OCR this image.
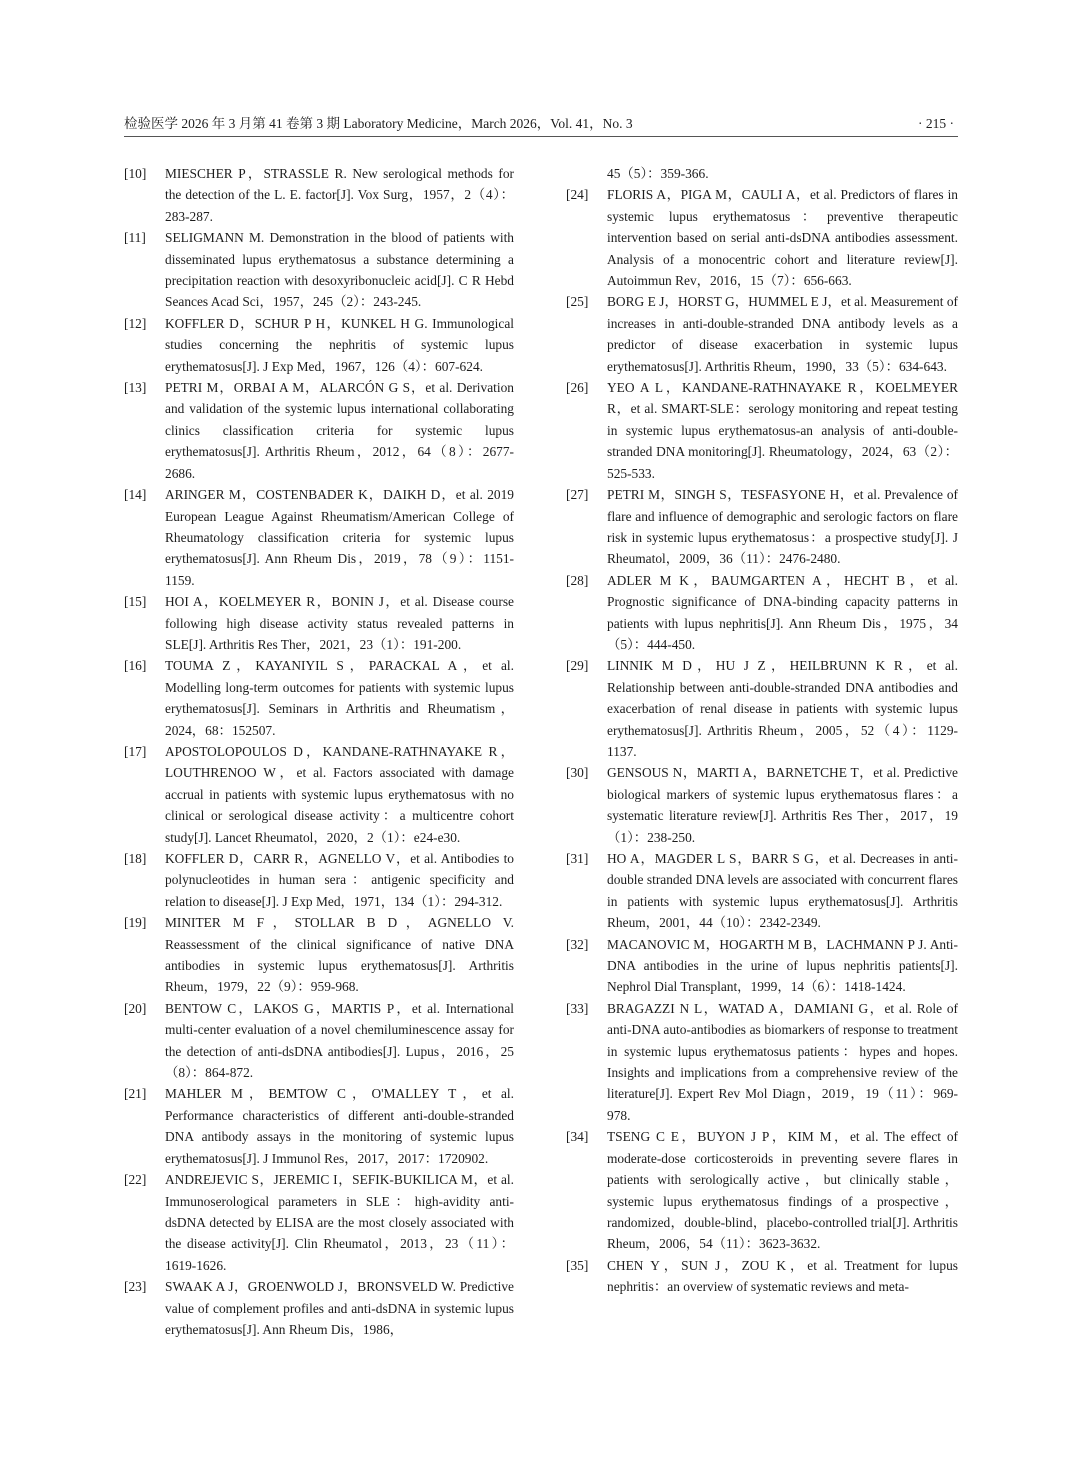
检验医学 2026 年 3 月第 41 卷第 3 期 Laboratory Medicine，March 2026，Vol. 41，No. 3	· 215 ·
[10] MIESCHER P，STRASSLE R. New serological methods for the detection of the L. E. factor[J]. Vox Surg，1957，2（4）：283-287.
[11] SELIGMANN M. Demonstration in the blood of patients with disseminated lupus erythematosus a substance determining a precipitation reaction with desoxyribonucleic acid[J]. C R Hebd Seances Acad Sci，1957，245（2）：243-245.
[12] KOFFLER D，SCHUR P H，KUNKEL H G. Immunological studies concerning the nephritis of systemic lupus erythematosus[J]. J Exp Med，1967，126（4）：607-624.
[13] PETRI M，ORBAI A M，ALARCÓN G S，et al. Derivation and validation of the systemic lupus international collaborating clinics classification criteria for systemic lupus erythematosus[J]. Arthritis Rheum，2012，64（8）：2677-2686.
[14] ARINGER M，COSTENBADER K，DAIKH D，et al. 2019 European League Against Rheumatism/American College of Rheumatology classification criteria for systemic lupus erythematosus[J]. Ann Rheum Dis，2019，78（9）：1151-1159.
[15] HOI A，KOELMEYER R，BONIN J，et al. Disease course following high disease activity status revealed patterns in SLE[J]. Arthritis Res Ther，2021，23（1）：191-200.
[16] TOUMA Z，KAYANIYIL S，PARACKAL A，et al. Modelling long-term outcomes for patients with systemic lupus erythematosus[J]. Seminars in Arthritis and Rheumatism，2024，68：152507.
[17] APOSTOLOPOULOS D，KANDANE-RATHNAYAKE R，LOUTHRENOO W，et al. Factors associated with damage accrual in patients with systemic lupus erythematosus with no clinical or serological disease activity：a multicentre cohort study[J]. Lancet Rheumatol，2020，2（1）：e24-e30.
[18] KOFFLER D，CARR R，AGNELLO V，et al. Antibodies to polynucleotides in human sera：antigenic specificity and relation to disease[J]. J Exp Med，1971，134（1）：294-312.
[19] MINITER M F，STOLLAR B D，AGNELLO V. Reassessment of the clinical significance of native DNA antibodies in systemic lupus erythematosus[J]. Arthritis Rheum，1979，22（9）：959-968.
[20] BENTOW C，LAKOS G，MARTIS P，et al. International multi-center evaluation of a novel chemiluminescence assay for the detection of anti-dsDNA antibodies[J]. Lupus，2016，25（8）：864-872.
[21] MAHLER M，BEMTOW C，O'MALLEY T，et al. Performance characteristics of different anti-double-stranded DNA antibody assays in the monitoring of systemic lupus erythematosus[J]. J Immunol Res，2017，2017：1720902.
[22] ANDREJEVIC S，JEREMIC I，SEFIK-BUKILICA M，et al. Immunoserological parameters in SLE：high-avidity anti-dsDNA detected by ELISA are the most closely associated with the disease activity[J]. Clin Rheumatol，2013，23（11）：1619-1626.
[23] SWAAK A J，GROENWOLD J，BRONSVELD W. Predictive value of complement profiles and anti-dsDNA in systemic lupus erythematosus[J]. Ann Rheum Dis，1986，
45（5）：359-366.
[24] FLORIS A，PIGA M，CAULI A，et al. Predictors of flares in systemic lupus erythematosus：preventive therapeutic intervention based on serial anti-dsDNA antibodies assessment. Analysis of a monocentric cohort and literature review[J]. Autoimmun Rev，2016，15（7）：656-663.
[25] BORG E J，HORST G，HUMMEL E J，et al. Measurement of increases in anti-double-stranded DNA antibody levels as a predictor of disease exacerbation in systemic lupus erythematosus[J]. Arthritis Rheum，1990，33（5）：634-643.
[26] YEO A L，KANDANE-RATHNAYAKE R，KOELMEYER R，et al. SMART-SLE：serology monitoring and repeat testing in systemic lupus erythematosus-an analysis of anti-double-stranded DNA monitoring[J]. Rheumatology，2024，63（2）：525-533.
[27] PETRI M，SINGH S，TESFASYONE H，et al. Prevalence of flare and influence of demographic and serologic factors on flare risk in systemic lupus erythematosus：a prospective study[J]. J Rheumatol，2009，36（11）：2476-2480.
[28] ADLER M K，BAUMGARTEN A，HECHT B，et al. Prognostic significance of DNA-binding capacity patterns in patients with lupus nephritis[J]. Ann Rheum Dis，1975，34（5）：444-450.
[29] LINNIK M D，HU J Z，HEILBRUNN K R，et al. Relationship between anti-double-stranded DNA antibodies and exacerbation of renal disease in patients with systemic lupus erythematosus[J]. Arthritis Rheum，2005，52（4）：1129-1137.
[30] GENSOUS N，MARTI A，BARNETCHE T，et al. Predictive biological markers of systemic lupus erythematosus flares：a systematic literature review[J]. Arthritis Res Ther，2017，19（1）：238-250.
[31] HO A，MAGDER L S，BARR S G，et al. Decreases in anti-double stranded DNA levels are associated with concurrent flares in patients with systemic lupus erythematosus[J]. Arthritis Rheum，2001，44（10）：2342-2349.
[32] MACANOVIC M，HOGARTH M B，LACHMANN P J. Anti-DNA antibodies in the urine of lupus nephritis patients[J]. Nephrol Dial Transplant，1999，14（6）：1418-1424.
[33] BRAGAZZI N L，WATAD A，DAMIANI G，et al. Role of anti-DNA auto-antibodies as biomarkers of response to treatment in systemic lupus erythematosus patients：hypes and hopes. Insights and implications from a comprehensive review of the literature[J]. Expert Rev Mol Diagn，2019，19（11）：969-978.
[34] TSENG C E，BUYON J P，KIM M，et al. The effect of moderate-dose corticosteroids in preventing severe flares in patients with serologically active，but clinically stable，systemic lupus erythematosus findings of a prospective，randomized，double-blind，placebo-controlled trial[J]. Arthritis Rheum，2006，54（11）：3623-3632.
[35] CHEN Y，SUN J，ZOU K，et al. Treatment for lupus nephritis：an overview of systematic reviews and meta-
